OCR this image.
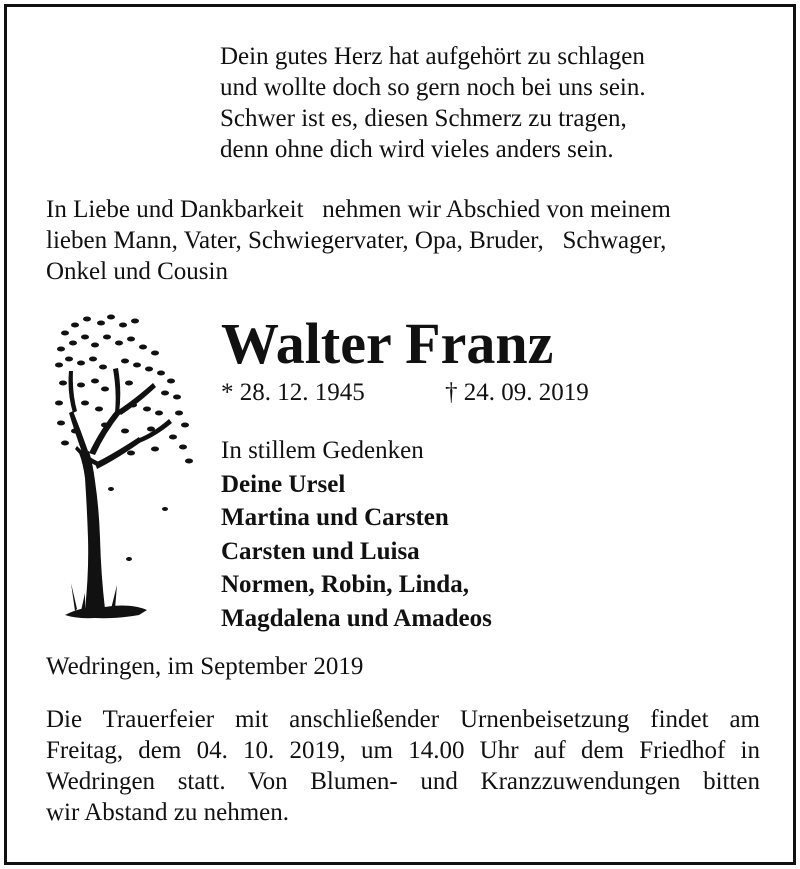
Dein gutes Herz hat aufgehört zu schlagen
und wollte doch so gern noch bei uns sein.
Schwer ist es, diesen Schmerz zu tragen,
denn ohne dich wird vieles anders sein.
In Liebe und Dankbarkeit   nehmen wir Abschied von meinem
lieben Mann, Vater, Schwiegervater, Opa, Bruder,   Schwager,
Onkel und Cousin
Walter Franz
* 28. 12. 1945	† 24. 09. 2019
In stillem Gedenken
Deine Ursel
Martina und Carsten
Carsten und Luisa
Normen, Robin, Linda,
Magdalena und Amadeos
Wedringen, im September 2019
Die Trauerfeier mit anschließender Urnenbeisetzung findet am
Freitag, dem 04. 10. 2019, um 14.00 Uhr auf dem Friedhof in
Wedringen statt. Von Blumen- und Kranzzuwendungen bitten
wir Abstand zu nehmen.
